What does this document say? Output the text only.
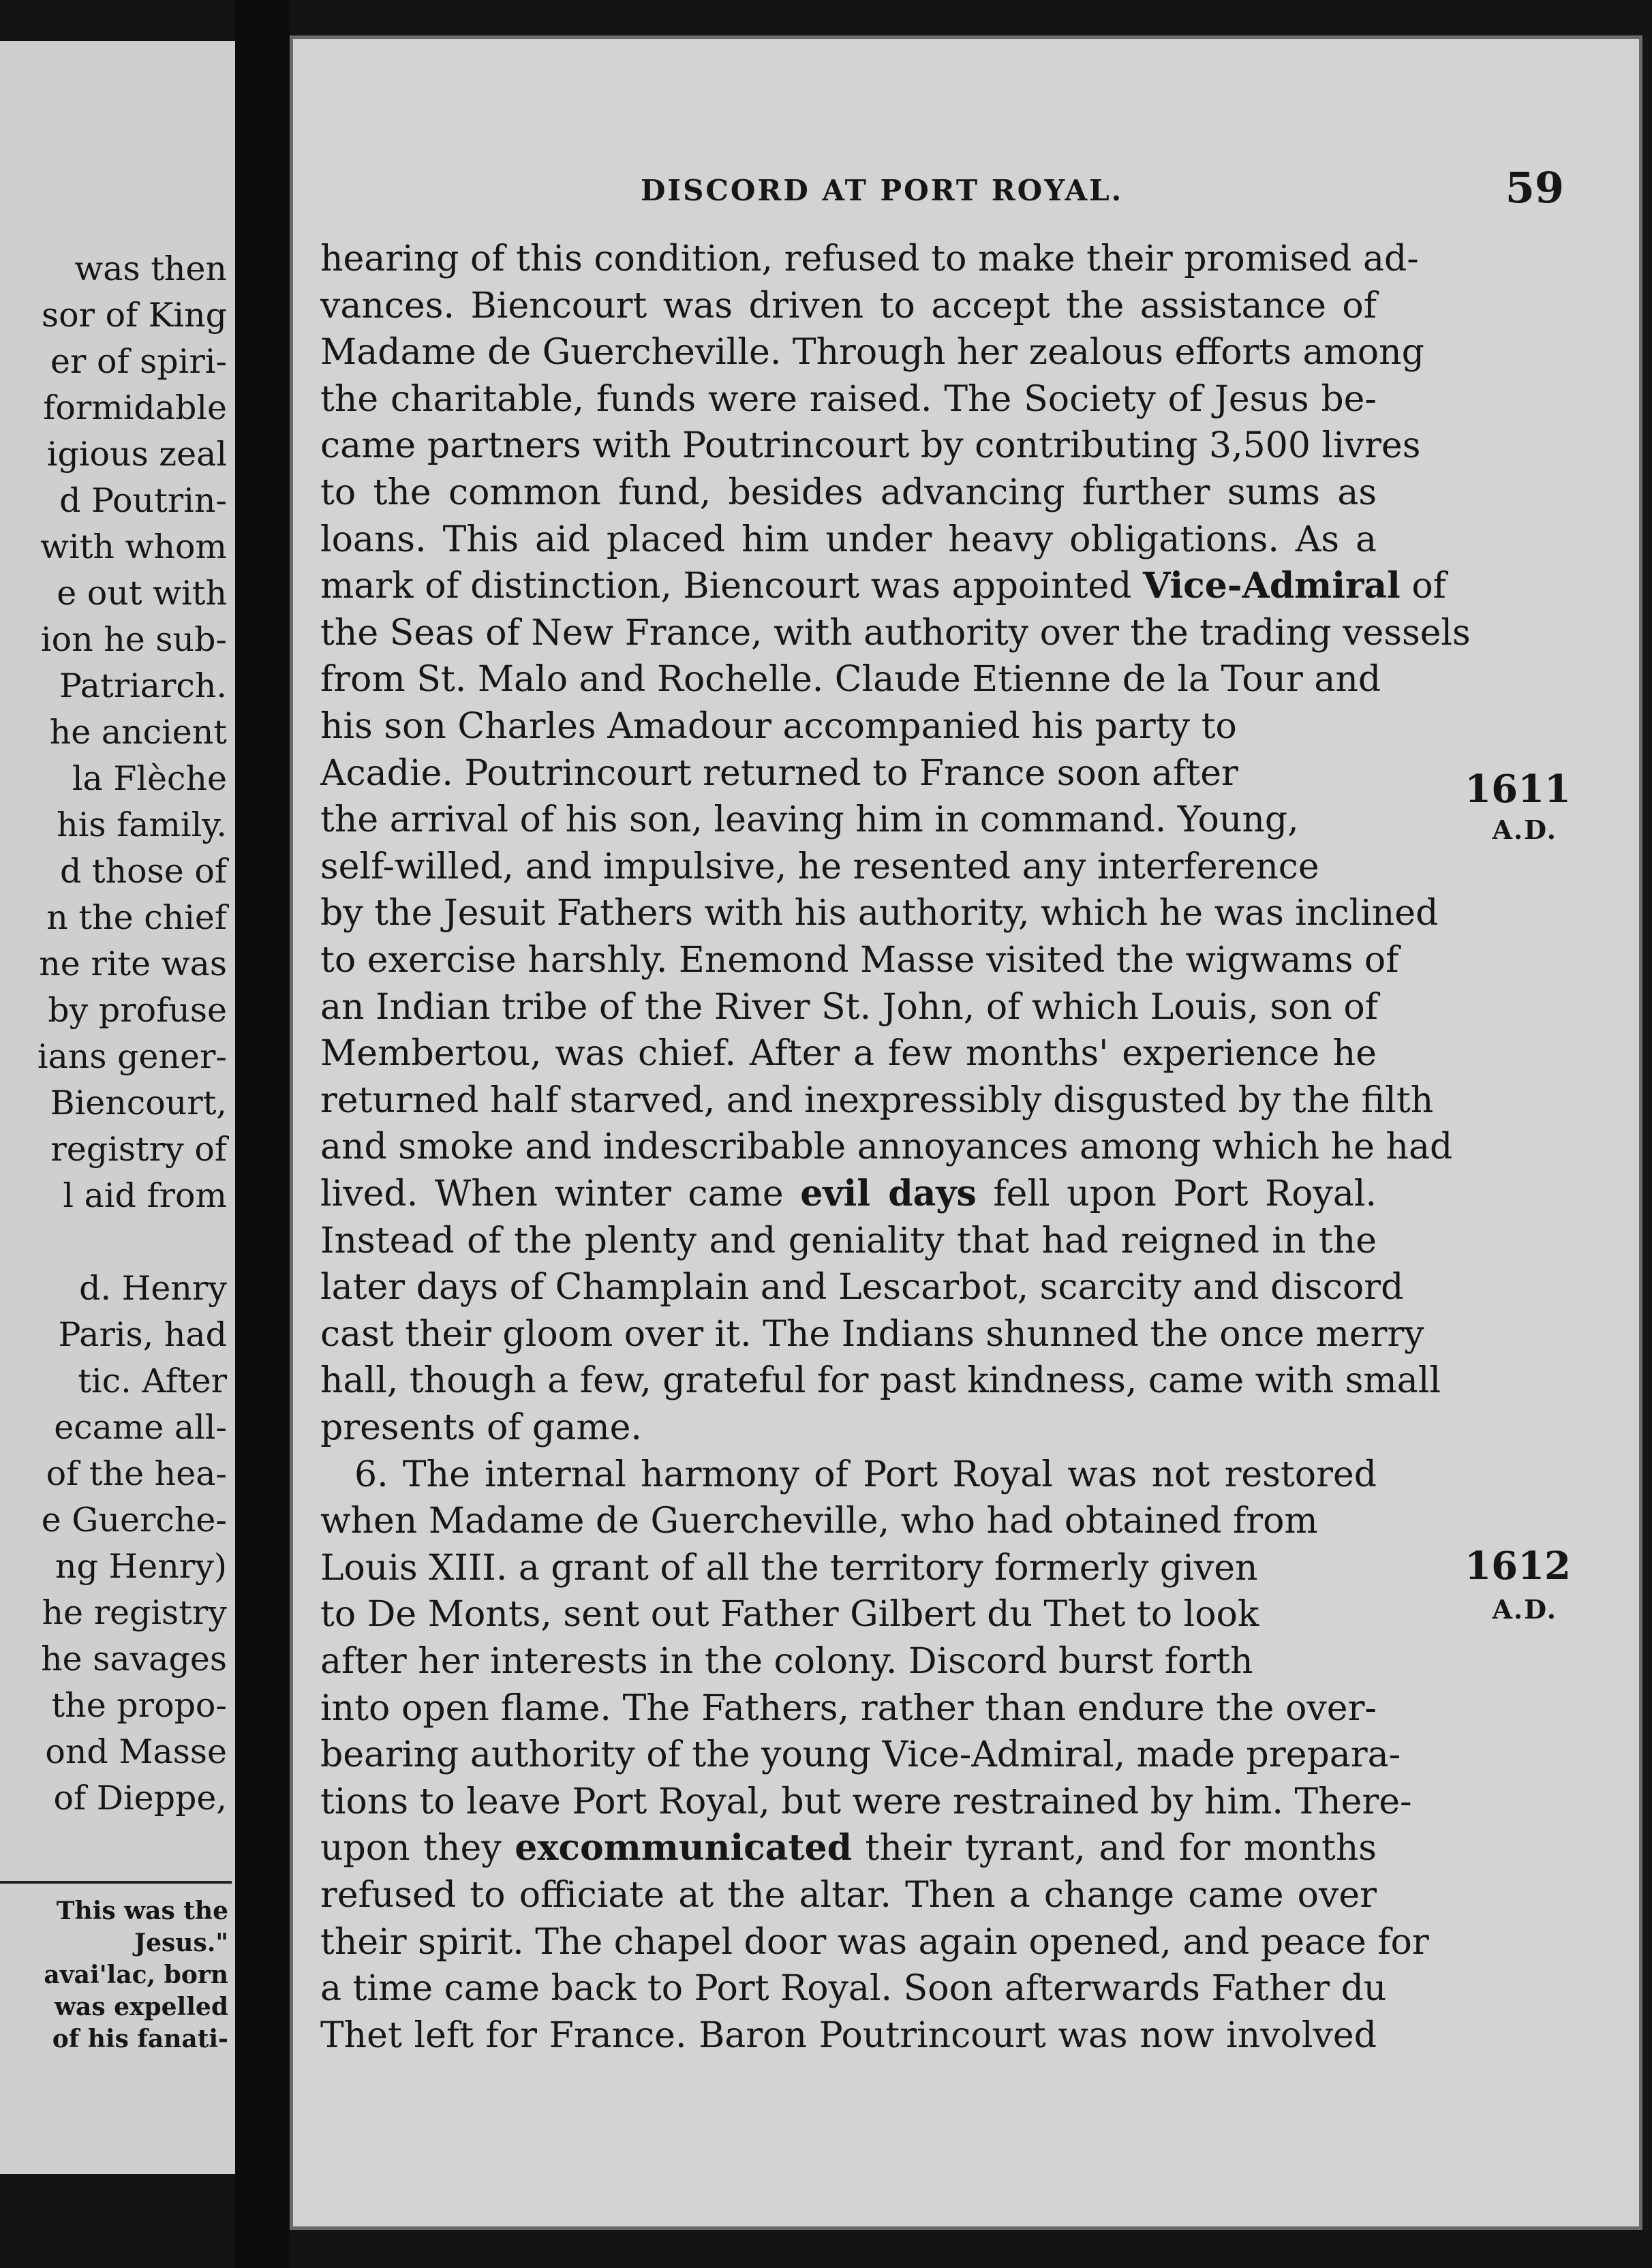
was then
sor of King
er of spiri-
formidable
igious zeal
d Poutrin-
with whom
e out with
ion he sub-
Patriarch.
he ancient
la Flèche
his family.
d those of
n the chief
ne rite was
by profuse
ians gener-
Biencourt,
registry of
l aid from
d. Henry
Paris, had
tic. After
ecame all-
of the hea-
e Guerche-
ng Henry)
he registry
he savages
the propo-
ond Masse
of Dieppe,
This was the
Jesus."
avai'lac, born
was expelled
of his fanati-
DISCORD AT PORT ROYAL.	59
1611
A.D.
1612
A.D.
hearing of this condition, refused to make their promised ad-
vances. Biencourt was driven to accept the assistance of
Madame de Guercheville. Through her zealous efforts among
the charitable, funds were raised. The Society of Jesus be-
came partners with Poutrincourt by contributing 3,500 livres
to the common fund, besides advancing further sums as
loans. This aid placed him under heavy obligations. As a
mark of distinction, Biencourt was appointed Vice-Admiral of
the Seas of New France, with authority over the trading vessels
from St. Malo and Rochelle. Claude Etienne de la Tour and
his son Charles Amadour accompanied his party to
Acadie. Poutrincourt returned to France soon after
the arrival of his son, leaving him in command. Young,
self-willed, and impulsive, he resented any interference
by the Jesuit Fathers with his authority, which he was inclined
to exercise harshly. Enemond Masse visited the wigwams of
an Indian tribe of the River St. John, of which Louis, son of
Membertou, was chief. After a few months' experience he
returned half starved, and inexpressibly disgusted by the filth
and smoke and indescribable annoyances among which he had
lived. When winter came evil days fell upon Port Royal.
Instead of the plenty and geniality that had reigned in the
later days of Champlain and Lescarbot, scarcity and discord
cast their gloom over it. The Indians shunned the once merry
hall, though a few, grateful for past kindness, came with small
presents of game.
6. The internal harmony of Port Royal was not restored
when Madame de Guercheville, who had obtained from
Louis XIII. a grant of all the territory formerly given
to De Monts, sent out Father Gilbert du Thet to look
after her interests in the colony. Discord burst forth
into open flame. The Fathers, rather than endure the over-
bearing authority of the young Vice-Admiral, made prepara-
tions to leave Port Royal, but were restrained by him. There-
upon they excommunicated their tyrant, and for months
refused to officiate at the altar. Then a change came over
their spirit. The chapel door was again opened, and peace for
a time came back to Port Royal. Soon afterwards Father du
Thet left for France. Baron Poutrincourt was now involved
